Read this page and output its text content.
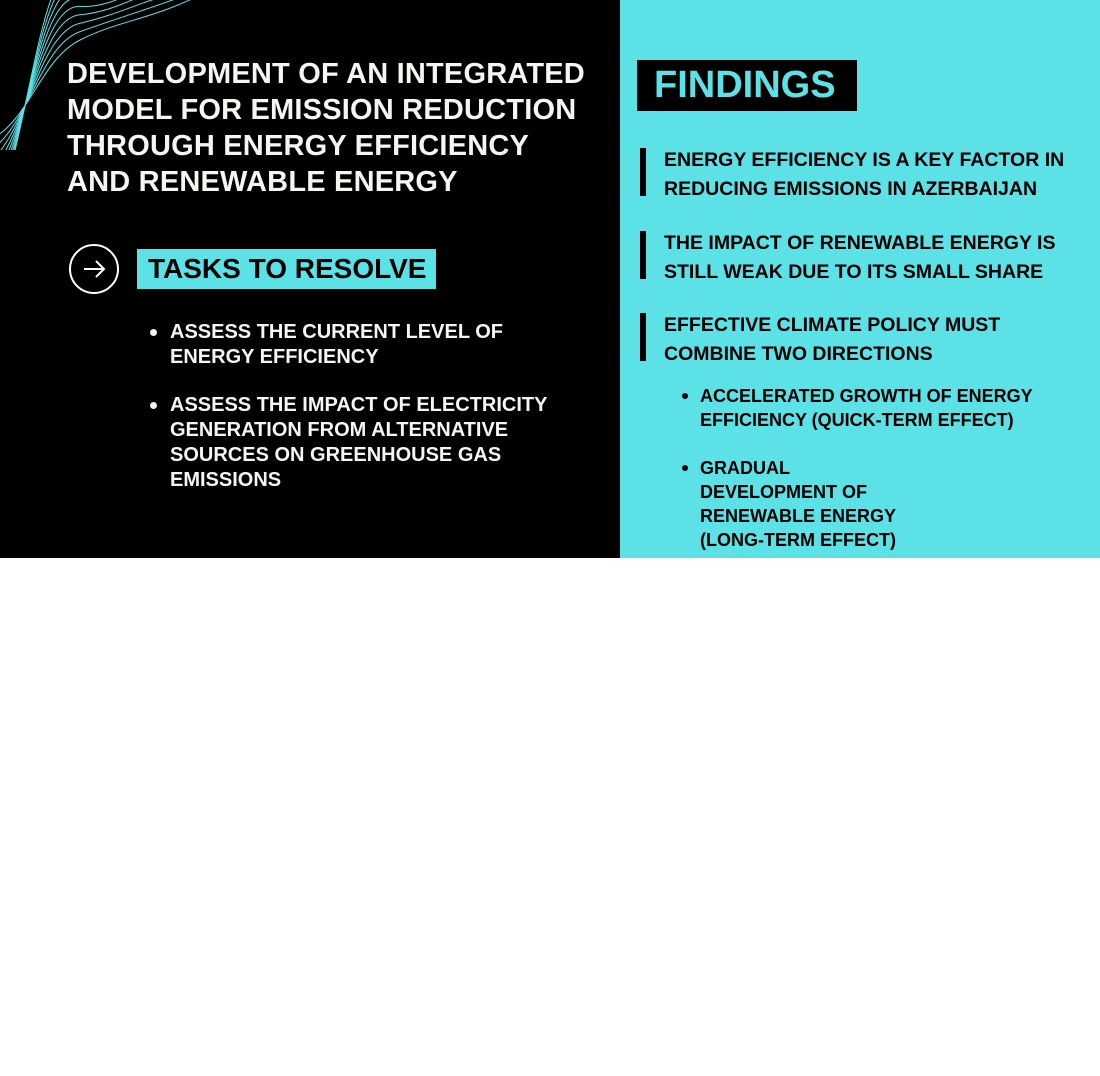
DEVELOPMENT OF AN INTEGRATED MODEL FOR EMISSION REDUCTION THROUGH ENERGY EFFICIENCY AND RENEWABLE ENERGY
TASKS TO RESOLVE
ASSESS THE CURRENT LEVEL OF ENERGY EFFICIENCY
ASSESS THE IMPACT OF ELECTRICITY GENERATION FROM ALTERNATIVE SOURCES ON GREENHOUSE GAS EMISSIONS
FINDINGS
ENERGY EFFICIENCY IS A KEY FACTOR IN REDUCING EMISSIONS IN AZERBAIJAN
THE IMPACT OF RENEWABLE ENERGY IS STILL WEAK DUE TO ITS SMALL SHARE
EFFECTIVE CLIMATE POLICY MUST COMBINE TWO DIRECTIONS
ACCELERATED GROWTH OF ENERGY EFFICIENCY (QUICK-TERM EFFECT)
GRADUAL DEVELOPMENT OF RENEWABLE ENERGY (LONG-TERM EFFECT)
